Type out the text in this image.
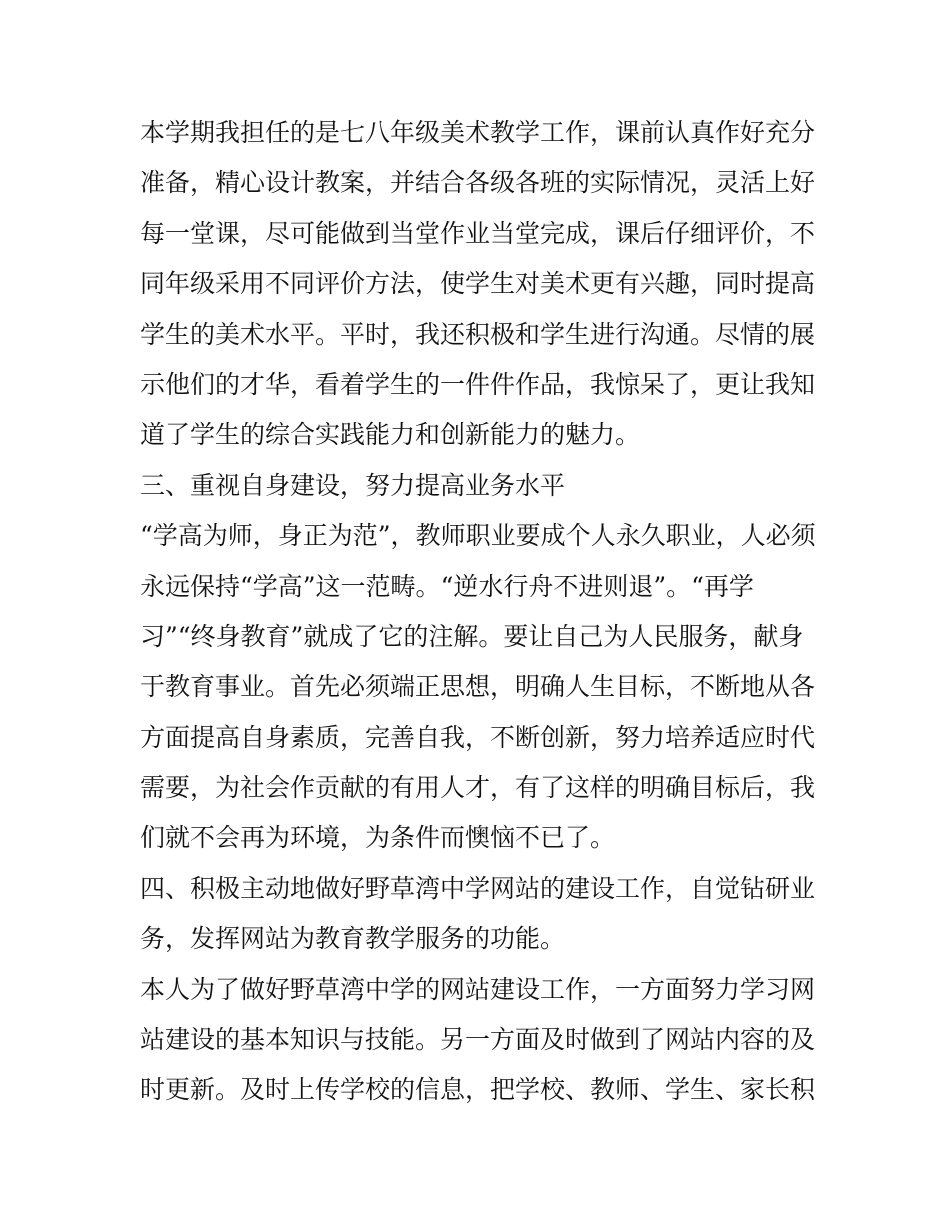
本学期我担任的是七八年级美术教学工作，课前认真作好充分
准备，精心设计教案，并结合各级各班的实际情况，灵活上好
每一堂课，尽可能做到当堂作业当堂完成，课后仔细评价，不
同年级采用不同评价方法，使学生对美术更有兴趣，同时提高
学生的美术水平。平时，我还积极和学生进行沟通。尽情的展
示他们的才华，看着学生的一件件作品，我惊呆了，更让我知
道了学生的综合实践能力和创新能力的魅力。
三、重视自身建设，努力提高业务水平
“学高为师，身正为范”，教师职业要成个人永久职业，人必须
永远保持“学高”这一范畴。“逆水行舟不进则退”。“再学
习”“终身教育”就成了它的注解。要让自己为人民服务，献身
于教育事业。首先必须端正思想，明确人生目标，不断地从各
方面提高自身素质，完善自我，不断创新，努力培养适应时代
需要，为社会作贡献的有用人才，有了这样的明确目标后，我
们就不会再为环境，为条件而懊恼不已了。
四、积极主动地做好野草湾中学网站的建设工作，自觉钻研业
务，发挥网站为教育教学服务的功能。
本人为了做好野草湾中学的网站建设工作，一方面努力学习网
站建设的基本知识与技能。另一方面及时做到了网站内容的及
时更新。及时上传学校的信息，把学校、教师、学生、家长积
